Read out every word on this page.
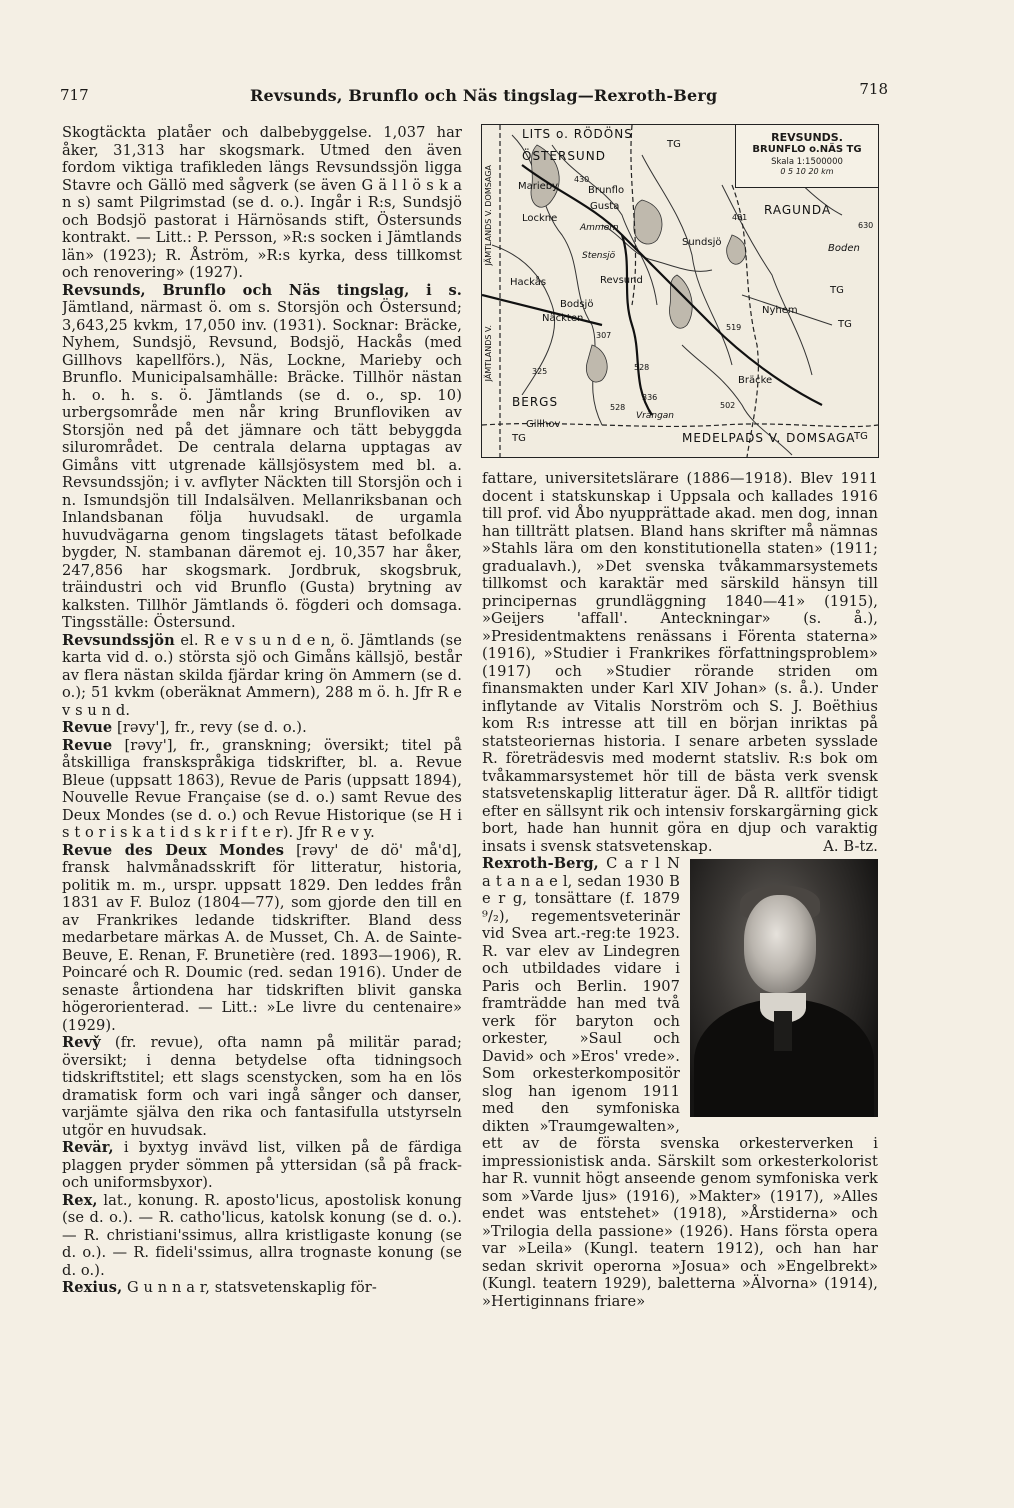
717	Revsunds, Brunflo och Näs tingslag—Rexroth-Berg	718

Skogtäckta platåer och dalbebyggelse. 1,037 har åker, 31,313 har skogsmark. Utmed den även fordom viktiga trafikleden längs Revsundssjön ligga Stavre och Gällö med sågverk (se även G ä l l ö s k a n s) samt Pilgrimstad (se d. o.). Ingår i R:s, Sundsjö och Bodsjö pastorat i Härnösands stift, Östersunds kontrakt. — Litt.: P. Persson, »R:s socken i Jämtlands län» (1923); R. Åström, »R:s kyrka, dess tillkomst och renovering» (1927).

Revsunds, Brunflo och Näs tingslag, i s. Jämtland, närmast ö. om s. Storsjön och Östersund; 3,643,25 kvkm, 17,050 inv. (1931). Socknar: Bräcke, Nyhem, Sundsjö, Revsund, Bodsjö, Hackås (med Gillhovs kapellförs.), Näs, Lockne, Marieby och Brunflo. Municipalsamhälle: Bräcke. Tillhör nästan h. o. h. s. ö. Jämtlands (se d. o., sp. 10) urbergsområde men når kring Brunfloviken av Storsjön ned på det jämnare och tätt bebyggda silurområdet. De centrala delarna upptagas av Gimåns vitt utgrenade källsjösystem med bl. a. Revsundssjön; i v. avflyter Näckten till Storsjön och i n. Ismundsjön till Indalsälven. Mellanriksbanan och Inlandsbanan följa huvudsakl. de urgamla huvudvägarna genom tingslagets tätast befolkade bygder, N. stambanan däremot ej. 10,357 har åker, 247,856 har skogsmark. Jordbruk, skogsbruk, träindustri och vid Brunflo (Gusta) brytning av kalksten. Tillhör Jämtlands ö. fögderi och domsaga. Tingsställe: Östersund.

Revsundssjön el. R e v s u n d e n, ö. Jämtlands (se karta vid d. o.) största sjö och Gimåns källsjö, består av flera nästan skilda fjärdar kring ön Ammern (se d. o.); 51 kvkm (oberäknat Ammern), 288 m ö. h. Jfr R e v s u n d.

Revue [rəvy'], fr., revy (se d. o.).

Revue [rəvy'], fr., granskning; översikt; titel på åtskilliga franskspråkiga tidskrifter, bl. a. Revue Bleue (uppsatt 1863), Revue de Paris (uppsatt 1894), Nouvelle Revue Française (se d. o.) samt Revue des Deux Mondes (se d. o.) och Revue Historique (se H i s t o r i s k a t i d s k r i f t e r). Jfr R e v y.

Revue des Deux Mondes [rəvy' de dö' må'd], fransk halvmånadsskrift för litteratur, historia, politik m. m., urspr. uppsatt 1829. Den leddes från 1831 av F. Buloz (1804—77), som gjorde den till en av Frankrikes ledande tidskrifter. Bland dess medarbetare märkas A. de Musset, Ch. A. de Sainte-Beuve, E. Renan, F. Brunetière (red. 1893—1906), R. Poincaré och R. Doumic (red. sedan 1916). Under de senaste årtiondena har tidskriften blivit ganska högerorienterad. — Litt.: »Le livre du centenaire» (1929).

Revy̌ (fr. revue), ofta namn på militär parad; översikt; i denna betydelse ofta tidningsoch tidskriftstitel; ett slags scenstycken, som ha en lös dramatisk form och vari ingå sånger och danser, varjämte själva den rika och fantasifulla utstyrseln utgör en huvudsak.

Revär, i byxtyg invävd list, vilken på de färdiga plaggen pryder sömmen på yttersidan (så på frack- och uniformsbyxor).

Rex, lat., konung. R. aposto'licus, apostolisk konung (se d. o.). — R. catho'licus, katolsk konung (se d. o.). — R. christiani'ssimus, allra kristligaste konung (se d. o.). — R. fideli'ssimus, allra trognaste konung (se d. o.).

Rexius, G u n n a r, statsvetenskaplig för-

REVSUNDS.
BRUNFLO o.NÄS TG
Skala 1:1500000
0 5 10 20 km
LITS o. RÖDÖNS
ÖSTERSUND
Marieby	Brunflo
Gusta
Lockne
RAGUNDA
Sundsjö
Revsund
Hackås
Bodsjö
Näckten
Nyhem
Bräcke
BERGS
Gillhov
MEDELPADS V. DOMSAGA
TG
TG
TG	TG
TG
JÄMTLANDS V. DOMSAGA
JÄMTLANDS V.
430
481
528
336
502
325
307
519
528
630
Boden
Ammern
Stensjö
Vrångan

fattare, universitetslärare (1886—1918). Blev 1911 docent i statskunskap i Uppsala och kallades 1916 till prof. vid Åbo nyupprättade akad. men dog, innan han tillträtt platsen. Bland hans skrifter må nämnas »Stahls lära om den konstitutionella staten» (1911; gradualavh.), »Det svenska tvåkammarsystemets tillkomst och karaktär med särskild hänsyn till principernas grundläggning 1840—41» (1915), »Geijers 'affall'. Anteckningar» (s. å.), »Presidentmaktens renässans i Förenta staterna» (1916), »Studier i Frankrikes författningsproblem» (1917) och »Studier rörande striden om finansmakten under Karl XIV Johan» (s. å.). Under inflytande av Vitalis Norström och S. J. Boëthius kom R:s intresse att till en början inriktas på statsteoriernas historia. I senare arbeten sysslade R. företrädesvis med modernt statsliv. R:s bok om tvåkammarsystemet hör till de bästa verk svensk statsvetenskaplig litteratur äger. Då R. alltför tidigt efter en sällsynt rik och intensiv forskargärning gick bort, hade han hunnit göra en djup och varaktig insats i svensk statsvetenskap.	A. B-tz.

Rexroth-Berg, C a r l N a t a n a e l, sedan 1930 B e r g, tonsättare (f. 1879 ⁹/₂), regementsveterinär vid Svea art.-reg:te 1923. R. var elev av Lindegren och utbildades vidare i Paris och Berlin. 1907 framträdde han med två verk för baryton och orkester, »Saul och David» och »Eros' vrede». Som orkesterkompositör slog han igenom 1911 med den symfoniska dikten »Traumgewalten», ett av de första svenska orkesterverken i impressionistisk anda. Särskilt som orkesterkolorist har R. vunnit högt anseende genom symfoniska verk som »Varde ljus» (1916), »Makter» (1917), »Alles endet was entstehet» (1918), »Årstiderna» och »Trilogia della passione» (1926). Hans första opera var »Leila» (Kungl. teatern 1912), och han har sedan skrivit operorna »Josua» och »Engelbrekt» (Kungl. teatern 1929), baletterna »Älvorna» (1914), »Hertiginnans friare»
